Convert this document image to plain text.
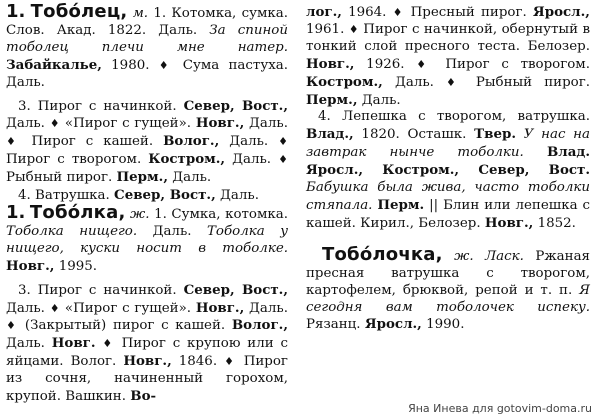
1. Тобо́лец, м. 1. Котомка, сумка. Слов. Акад. 1822. Даль. За спиной тоболец плечи мне натер. Забайкалье, 1980. ♦ Сума пастуха. Даль.

3. Пирог с начинкой. Север, Вост., Даль. ♦ «Пирог с гущей». Новг., Даль. ♦ Пирог с кашей. Волог., Даль. ♦ Пирог с творогом. Костром., Даль. ♦ Рыбный пирог. Перм., Даль.

4. Ватрушка. Север, Вост., Даль.

1. Тобо́лка, ж. 1. Сумка, котомка. Тоболка нищего. Даль. Тоболка у нищего, куски носит в тоболке. Новг., 1995.

3. Пирог с начинкой. Север, Вост., Даль. ♦ «Пирог с гущей». Новг., Даль. ♦ (Закрытый) пирог с кашей. Волог., Даль. Новг. ♦ Пирог с крупою или с яйцами. Волог. Новг., 1846. ♦ Пирог из сочня, начиненный горохом, крупой. Вашкин. Во-

лог., 1964. ♦ Пресный пирог. Яросл., 1961. ♦ Пирог с начинкой, обернутый в тонкий слой пресного теста. Белозер. Новг., 1926. ♦ Пирог с творогом. Костром., Даль. ♦ Рыбный пирог. Перм., Даль.

4. Лепешка с творогом, ватрушка. Влад., 1820. Осташк. Твер. У нас на завтрак нынче тоболки. Влад. Яросл., Костром., Север, Вост. Бабушка была жива, часто тоболки стяпала. Перм. || Блин или лепешка с кашей. Кирил., Белозер. Новг., 1852.

Тобо́лочка, ж. Ласк. Ржаная пресная ватрушка с творогом, картофелем, брюквой, репой и т. п. Я сегодня вам тоболочек испеку. Рязанц. Яросл., 1990.

Яна Инева для gotovim-doma.ru
